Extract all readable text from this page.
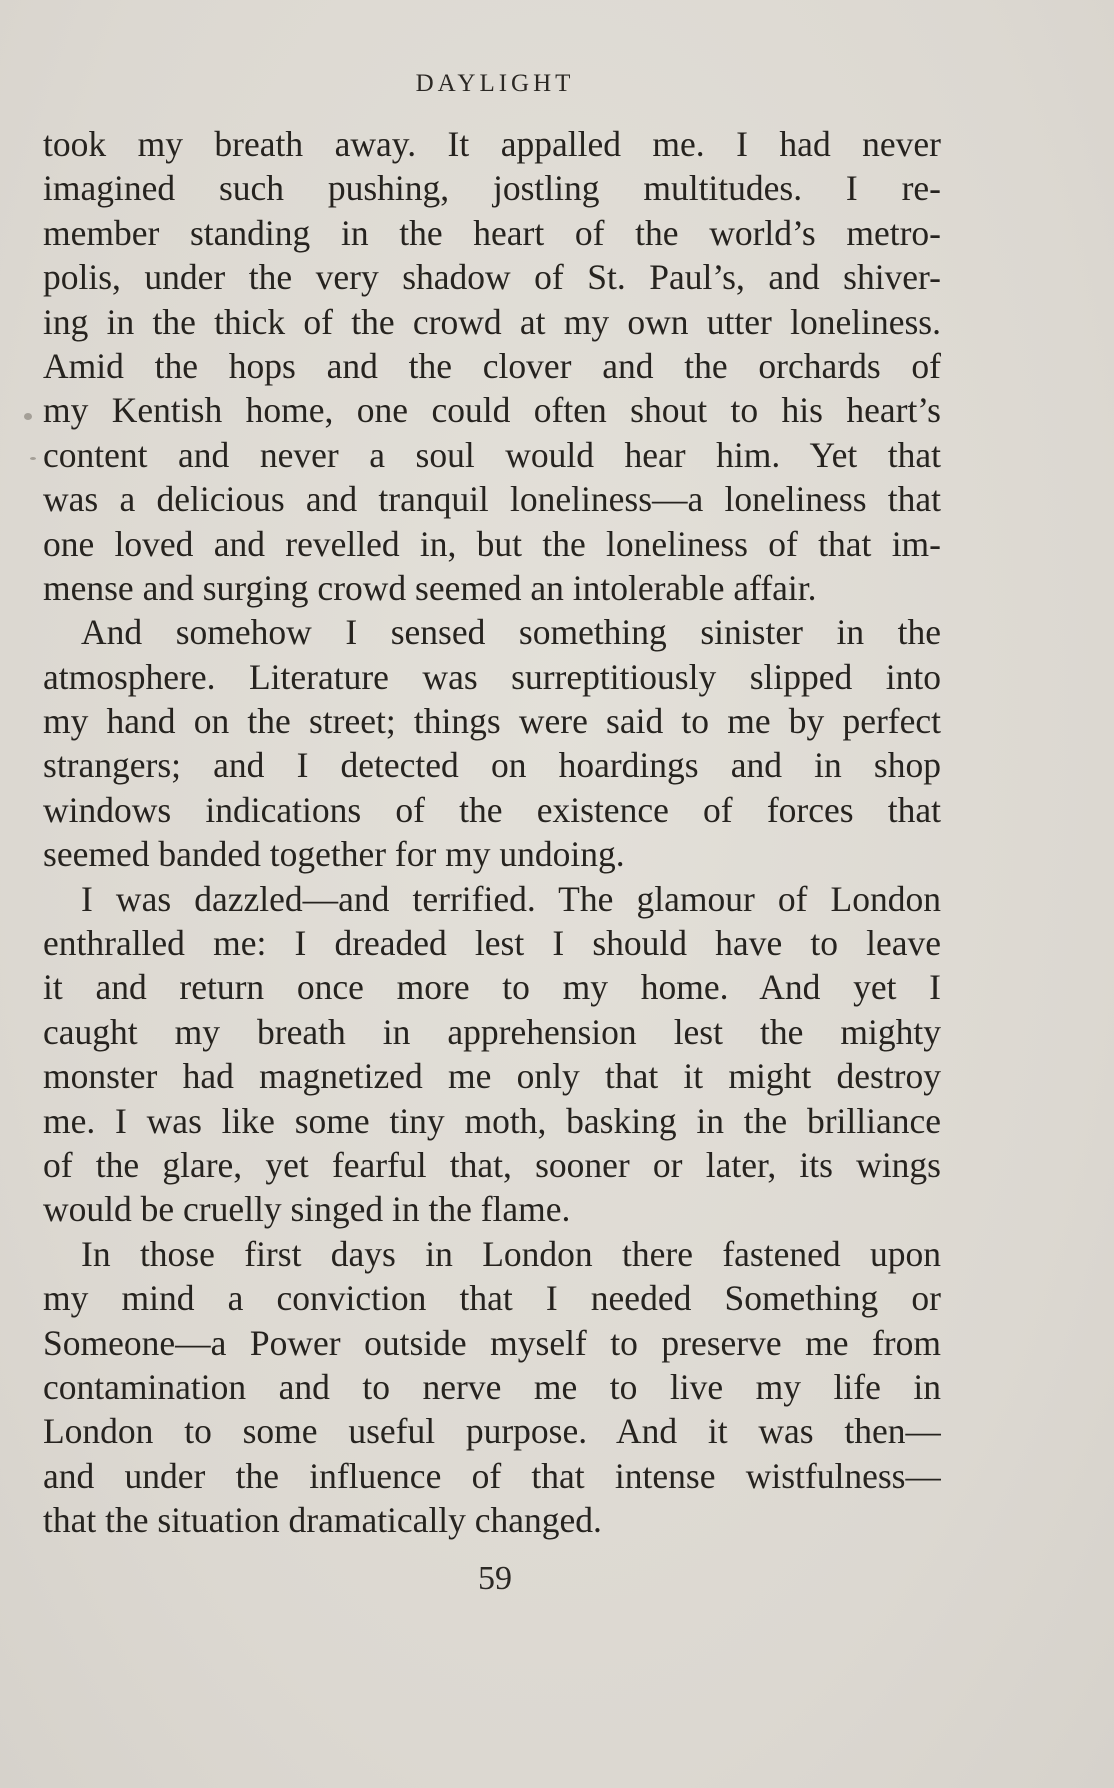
DAYLIGHT
took my breath away. It appalled me. I had never
imagined such pushing, jostling multitudes. I re-
member standing in the heart of the world’s metro-
polis, under the very shadow of St. Paul’s, and shiver-
ing in the thick of the crowd at my own utter loneliness.
Amid the hops and the clover and the orchards of
my Kentish home, one could often shout to his heart’s
content and never a soul would hear him. Yet that
was a delicious and tranquil loneliness—a loneliness that
one loved and revelled in, but the loneliness of that im-
mense and surging crowd seemed an intolerable affair.
And somehow I sensed something sinister in the
atmosphere. Literature was surreptitiously slipped into
my hand on the street; things were said to me by perfect
strangers; and I detected on hoardings and in shop
windows indications of the existence of forces that
seemed banded together for my undoing.
I was dazzled—and terrified. The glamour of London
enthralled me: I dreaded lest I should have to leave
it and return once more to my home. And yet I
caught my breath in apprehension lest the mighty
monster had magnetized me only that it might destroy
me. I was like some tiny moth, basking in the brilliance
of the glare, yet fearful that, sooner or later, its wings
would be cruelly singed in the flame.
In those first days in London there fastened upon
my mind a conviction that I needed Something or
Someone—a Power outside myself to preserve me from
contamination and to nerve me to live my life in
London to some useful purpose. And it was then—
and under the influence of that intense wistfulness—
that the situation dramatically changed.
59
